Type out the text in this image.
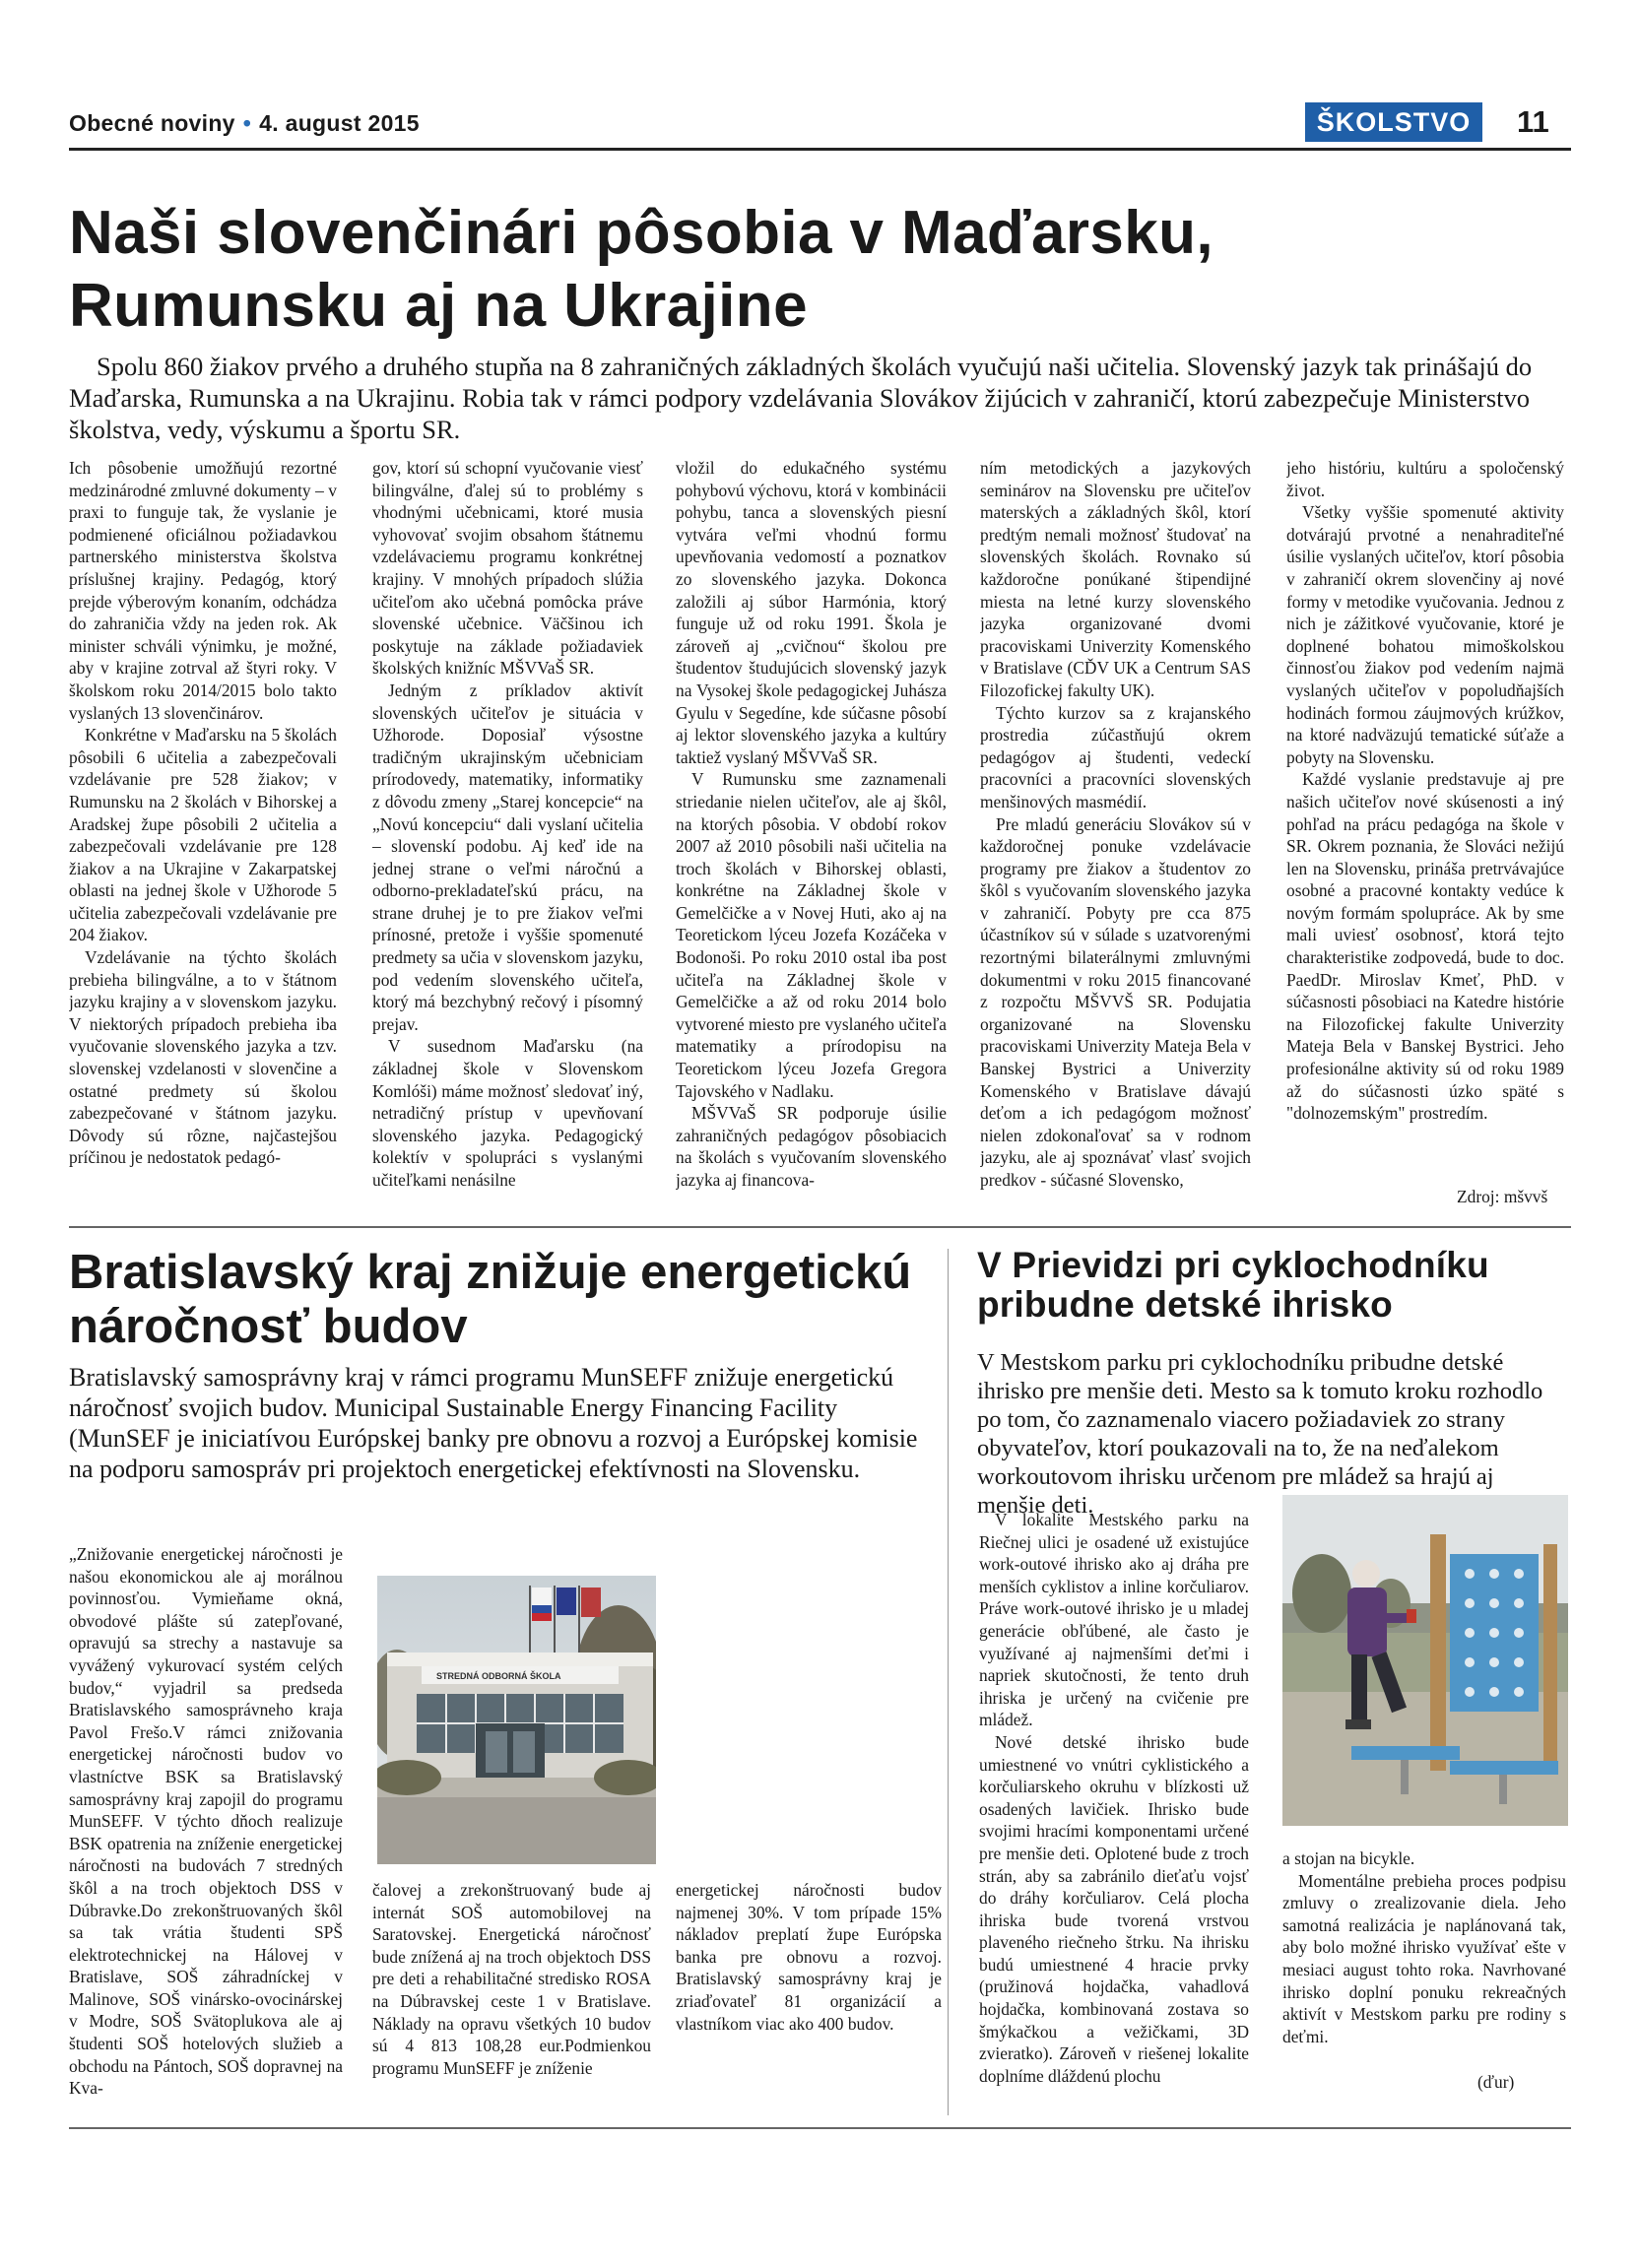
Obecné noviny • 4. august 2015	ŠKOLSTVO	11
Naši slovenčinári pôsobia v Maďarsku, Rumunsku aj na Ukrajine
Spolu 860 žiakov prvého a druhého stupňa na 8 zahraničných základných školách vyučujú naši učitelia. Slovenský jazyk tak prinášajú do Maďarska, Rumunska a na Ukrajinu. Robia tak v rámci podpory vzdelávania Slovákov žijúcich v zahraničí, ktorú zabezpečuje Ministerstvo školstva, vedy, výskumu a športu SR.

Ich pôsobenie umožňujú rezortné medzinárodné zmluvné dokumenty – v praxi to funguje tak, že vyslanie je podmienené oficiálnou požiadavkou partnerského ministerstva školstva príslušnej krajiny. Pedagóg, ktorý prejde výberovým konaním, odchádza do zahraničia vždy na jeden rok. Ak minister schváli výnimku, je možné, aby v krajine zotrval až štyri roky. V školskom roku 2014/2015 bolo takto vyslaných 13 slovenčinárov.

Konkrétne v Maďarsku na 5 školách pôsobili 6 učitelia a zabezpečovali vzdelávanie pre 528 žiakov; v Rumunsku na 2 školách v Bihorskej a Aradskej župe pôsobili 2 učitelia a zabezpečovali vzdelávanie pre 128 žiakov a na Ukrajine v Zakarpatskej oblasti na jednej škole v Užhorode 5 učitelia zabezpečovali vzdelávanie pre 204 žiakov.

Vzdelávanie na týchto školách prebieha bilingválne, a to v štátnom jazyku krajiny a v slovenskom jazyku. V niektorých prípadoch prebieha iba vyučovanie slovenského jazyka a tzv. slovenskej vzdelanosti v slovenčine a ostatné predmety sú školou zabezpečované v štátnom jazyku. Dôvody sú rôzne, najčastejšou príčinou je nedostatok pedagó-

gov, ktorí sú schopní vyučovanie viesť bilingválne, ďalej sú to problémy s vhodnými učebnicami, ktoré musia vyhovovať svojim obsahom štátnemu vzdelávaciemu programu konkrétnej krajiny. V mnohých prípadoch slúžia učiteľom ako učebná pomôcka práve slovenské učebnice. Väčšinou ich poskytuje na základe požiadaviek školských knižníc MŠVVaŠ SR.

Jedným z príkladov aktivít slovenských učiteľov je situácia v Užhorode. Doposiaľ výsostne tradičným ukrajinským učebniciam prírodovedy, matematiky, informatiky z dôvodu zmeny „Starej koncepcie“ na „Novú koncepciu“ dali vyslaní učitelia – slovenskí podobu. Aj keď ide na jednej strane o veľmi náročnú a odborno-prekladateľskú prácu, na strane druhej je to pre žiakov veľmi prínosné, pretože i vyššie spomenuté predmety sa učia v slovenskom jazyku, pod vedením slovenského učiteľa, ktorý má bezchybný rečový i písomný prejav.

V susednom Maďarsku (na základnej škole v Slovenskom Komlóši) máme možnosť sledovať iný, netradičný prístup v upevňovaní slovenského jazyka. Pedagogický kolektív v spolupráci s vyslanými učiteľkami nenásilne

vložil do edukačného systému pohybovú výchovu, ktorá v kombinácii pohybu, tanca a slovenských piesní vytvára veľmi vhodnú formu upevňovania vedomostí a poznatkov zo slovenského jazyka. Dokonca založili aj súbor Harmónia, ktorý funguje už od roku 1991. Škola je zároveň aj „cvičnou“ školou pre študentov študujúcich slovenský jazyk na Vysokej škole pedagogickej Juhásza Gyulu v Segedíne, kde súčasne pôsobí aj lektor slovenského jazyka a kultúry taktiež vyslaný MŠVVaŠ SR.

V Rumunsku sme zaznamenali striedanie nielen učiteľov, ale aj škôl, na ktorých pôsobia. V období rokov 2007 až 2010 pôsobili naši učitelia na troch školách v Bihorskej oblasti, konkrétne na Základnej škole v Gemelčičke a v Novej Huti, ako aj na Teoretickom lýceu Jozefa Kozáčeka v Bodonoši. Po roku 2010 ostal iba post učiteľa na Základnej škole v Gemelčičke a až od roku 2014 bolo vytvorené miesto pre vyslaného učiteľa matematiky a prírodopisu na Teoretickom lýceu Jozefa Gregora Tajovského v Nadlaku.

MŠVVaŠ SR podporuje úsilie zahraničných pedagógov pôsobiacich na školách s vyučovaním slovenského jazyka aj financova-

ním metodických a jazykových seminárov na Slovensku pre učiteľov materských a základných škôl, ktorí predtým nemali možnosť študovať na slovenských školách. Rovnako sú každoročne ponúkané štipendijné miesta na letné kurzy slovenského jazyka organizované dvomi pracoviskami Univerzity Komenského v Bratislave (CĎV UK a Centrum SAS Filozofickej fakulty UK).

Týchto kurzov sa z krajanského prostredia zúčastňujú okrem pedagógov aj študenti, vedeckí pracovníci a pracovníci slovenských menšinových masmédií.

Pre mladú generáciu Slovákov sú v každoročnej ponuke vzdelávacie programy pre žiakov a študentov zo škôl s vyučovaním slovenského jazyka v zahraničí. Pobyty pre cca 875 účastníkov sú v súlade s uzatvorenými rezortnými bilaterálnymi zmluvnými dokumentmi v roku 2015 financované z rozpočtu MŠVVŠ SR. Podujatia organizované na Slovensku pracoviskami Univerzity Mateja Bela v Banskej Bystrici a Univerzity Komenského v Bratislave dávajú deťom a ich pedagógom možnosť nielen zdokonaľovať sa v rodnom jazyku, ale aj spoznávať vlasť svojich predkov - súčasné Slovensko,

jeho históriu, kultúru a spoločenský život.

Všetky vyššie spomenuté aktivity dotvárajú prvotné a nenahraditeľné úsilie vyslaných učiteľov, ktorí pôsobia v zahraničí okrem slovenčiny aj nové formy v metodike vyučovania. Jednou z nich je zážitkové vyučovanie, ktoré je doplnené bohatou mimoškolskou činnosťou žiakov pod vedením najmä vyslaných učiteľov v popoludňajších hodinách formou záujmových krúžkov, na ktoré nadväzujú tematické súťaže a pobyty na Slovensku.

Každé vyslanie predstavuje aj pre našich učiteľov nové skúsenosti a iný pohľad na prácu pedagóga na škole v SR. Okrem poznania, že Slováci nežijú len na Slovensku, prináša pretrvávajúce osobné a pracovné kontakty vedúce k novým formám spolupráce. Ak by sme mali uviesť osobnosť, ktorá tejto charakteristike zodpovedá, bude to doc. PaedDr. Miroslav Kmeť, PhD. v súčasnosti pôsobiaci na Katedre histórie na Filozofickej fakulte Univerzity Mateja Bela v Banskej Bystrici. Jeho profesionálne aktivity sú od roku 1989 až do súčasnosti úzko späté s "dolnozemským" prostredím.

Zdroj: mšvvš
Bratislavský kraj znižuje energetickú náročnosť budov
Bratislavský samosprávny kraj v rámci programu MunSEFF znižuje energetickú náročnosť svojich budov. Municipal Sustainable Energy Financing Facility (MunSEF je iniciatívou Európskej banky pre obnovu a rozvoj a Európskej komisie na podporu samospráv pri projektoch energetickej efektívnosti na Slovensku.

„Znižovanie energetickej náročnosti je našou ekonomickou ale aj morálnou povinnosťou. Vymieňame okná, obvodové plášte sú zatepľované, opravujú sa strechy a nastavuje sa vyvážený vykurovací systém celých budov,“ vyjadril sa predseda Bratislavského samosprávneho kraja Pavol Frešo.V rámci znižovania energetickej náročnosti budov vo vlastníctve BSK sa Bratislavský samosprávny kraj zapojil do programu MunSEFF. V týchto dňoch realizuje BSK opatrenia na zníženie energetickej náročnosti na budovách 7 stredných škôl a na troch objektoch DSS v Dúbravke.Do zrekonštruovaných škôl sa tak vrátia študenti SPŠ elektrotechnickej na Hálovej v Bratislave, SOŠ záhradníckej v Malinove, SOŠ vinársko-ovocinárskej v Modre, SOŠ Svätoplukova ale aj študenti SOŠ hotelových služieb a obchodu na Pántoch, SOŠ dopravnej na Kva-

STREDNÁ ODBORNÁ ŠKOLA

čalovej a zrekonštruovaný bude aj internát SOŠ automobilovej na Saratovskej. Energetická náročnosť bude znížená aj na troch objektoch DSS pre deti a rehabilitačné stredisko ROSA na Dúbravskej ceste 1 v Bratislave. Náklady na opravu všetkých 10 budov sú 4 813 108,28 eur.Podmienkou programu MunSEFF je zníženie

energetickej náročnosti budov najmenej 30%. V tom prípade 15% nákladov preplatí župe Európska banka pre obnovu a rozvoj. Bratislavský samosprávny kraj je zriaďovateľ 81 organizácií a vlastníkom viac ako 400 budov.

V Prievidzi pri cyklochodníku pribudne detské ihrisko
V Mestskom parku pri cyklochodníku pribudne detské ihrisko pre menšie deti. Mesto sa k tomuto kroku rozhodlo po tom, čo zaznamenalo viacero požiadaviek zo strany obyvateľov, ktorí poukazovali na to, že na neďalekom workoutovom ihrisku určenom pre mládež sa hrajú aj menšie deti.

V lokalite Mestského parku na Riečnej ulici je osadené už existujúce work-outové ihrisko ako aj dráha pre menších cyklistov a inline korčuliarov. Práve work-outové ihrisko je u mladej generácie obľúbené, ale často je využívané aj najmenšími deťmi i napriek skutočnosti, že tento druh ihriska je určený na cvičenie pre mládež.

Nové detské ihrisko bude umiestnené vo vnútri cyklistického a korčuliarskeho okruhu v blízkosti už osadených lavičiek. Ihrisko bude svojimi hracími komponentami určené pre menšie deti. Oplotené bude z troch strán, aby sa zabránilo dieťaťu vojsť do dráhy korčuliarov. Celá plocha ihriska bude tvorená vrstvou plaveného riečneho štrku. Na ihrisku budú umiestnené 4 hracie prvky (pružinová hojdačka, vahadlová hojdačka, kombinovaná zostava so šmýkačkou a vežičkami, 3D zvieratko). Zároveň v riešenej lokalite doplníme dláždenú plochu

a stojan na bicykle.

Momentálne prebieha proces podpisu zmluvy o zrealizovanie diela. Jeho samotná realizácia je naplánovaná tak, aby bolo možné ihrisko využívať ešte v mesiaci august tohto roka. Navrhované ihrisko doplní ponuku rekreačných aktivít v Mestskom parku pre rodiny s deťmi.

(ďur)
